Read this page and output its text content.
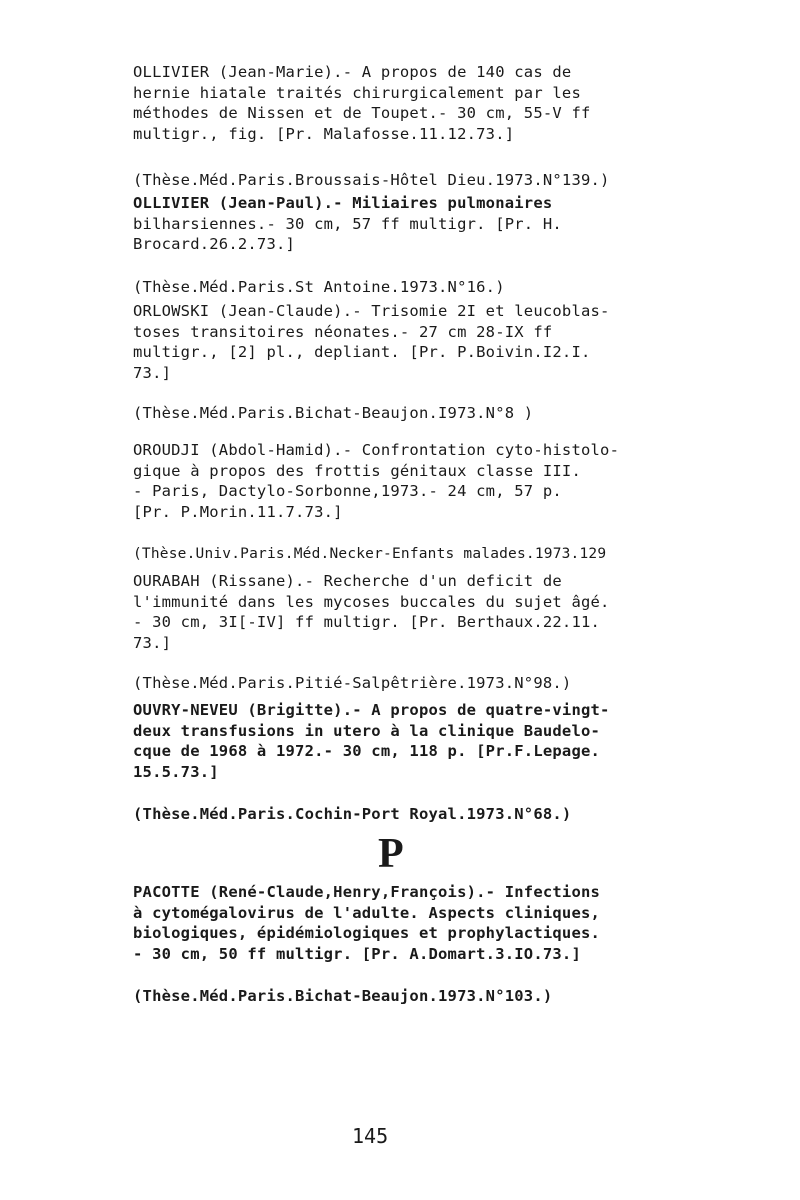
OLLIVIER (Jean-Marie).- A propos de 140 cas de
hernie hiatale traités chirurgicalement par les
méthodes de Nissen et de Toupet.- 30 cm, 55-V ff
multigr., fig. [Pr. Malafosse.11.12.73.]
(Thèse.Méd.Paris.Broussais-Hôtel Dieu.1973.N°139.)
OLLIVIER (Jean-Paul).- Miliaires pulmonaires
bilharsiennes.- 30 cm, 57 ff multigr. [Pr. H.
Brocard.26.2.73.]
(Thèse.Méd.Paris.St Antoine.1973.N°16.)
ORLOWSKI (Jean-Claude).- Trisomie 2I et leucoblas-
toses transitoires néonates.- 27 cm 28-IX ff
multigr., [2] pl., depliant. [Pr. P.Boivin.I2.I.
73.]
(Thèse.Méd.Paris.Bichat-Beaujon.I973.N°8 )
OROUDJI (Abdol-Hamid).- Confrontation cyto-histolo-
gique à propos des frottis génitaux classe III.
- Paris, Dactylo-Sorbonne,1973.- 24 cm, 57 p.
[Pr. P.Morin.11.7.73.]
(Thèse.Univ.Paris.Méd.Necker-Enfants malades.1973.129
OURABAH (Rissane).- Recherche d'un deficit de
l'immunité dans les mycoses buccales du sujet âgé.
- 30 cm, 3I[-IV] ff multigr. [Pr. Berthaux.22.11.
73.]
(Thèse.Méd.Paris.Pitié-Salpêtrière.1973.N°98.)
OUVRY-NEVEU (Brigitte).- A propos de quatre-vingt-
deux transfusions in utero à la clinique Baudelo-
cque de 1968 à 1972.- 30 cm, 118 p. [Pr.F.Lepage.
15.5.73.]
(Thèse.Méd.Paris.Cochin-Port Royal.1973.N°68.)
P
PACOTTE (René-Claude,Henry,François).- Infections
à cytomégalovirus de l'adulte. Aspects cliniques,
biologiques, épidémiologiques et prophylactiques.
- 30 cm, 50 ff multigr. [Pr. A.Domart.3.IO.73.]
(Thèse.Méd.Paris.Bichat-Beaujon.1973.N°103.)
145
